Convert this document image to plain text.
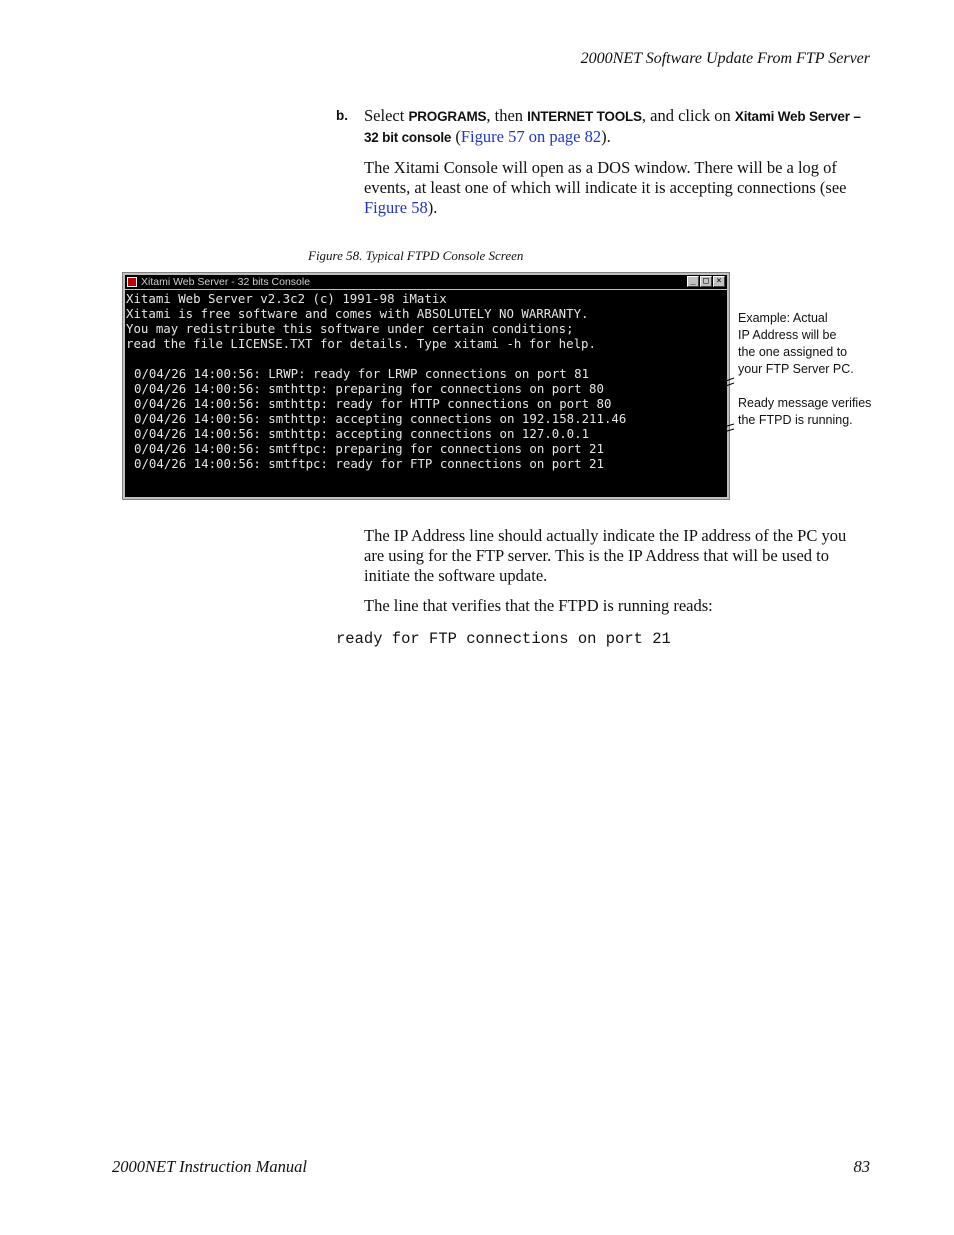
2000NET Software Update From FTP Server
b. Select PROGRAMS, then INTERNET TOOLS, and click on Xitami Web Server – 32 bit console (Figure 57 on page 82).

The Xitami Console will open as a DOS window. There will be a log of events, at least one of which will indicate it is accepting connections (see Figure 58).

Figure 58. Typical FTPD Console Screen
Xitami Web Server - 32 bits Console	_ □ ×
Xitami Web Server v2.3c2 (c) 1991-98 iMatix
Xitami is free software and comes with ABSOLUTELY NO WARRANTY.
You may redistribute this software under certain conditions;
read the file LICENSE.TXT for details. Type xitami -h for help.
0/04/26 14:00:56: LRWP: ready for LRWP connections on port 81
0/04/26 14:00:56: smthttp: preparing for connections on port 80
0/04/26 14:00:56: smthttp: ready for HTTP connections on port 80
0/04/26 14:00:56: smthttp: accepting connections on 192.158.211.46
0/04/26 14:00:56: smthttp: accepting connections on 127.0.0.1
0/04/26 14:00:56: smtftpc: preparing for connections on port 21
0/04/26 14:00:56: smtftpc: ready for FTP connections on port 21
Example: Actual
IP Address will be
the one assigned to
your FTP Server PC.
Ready message verifies
the FTPD is running.

The IP Address line should actually indicate the IP address of the PC you are using for the FTP server. This is the IP Address that will be used to initiate the software update.

The line that verifies that the FTPD is running reads:

ready for FTP connections on port 21
2000NET Instruction Manual	83
